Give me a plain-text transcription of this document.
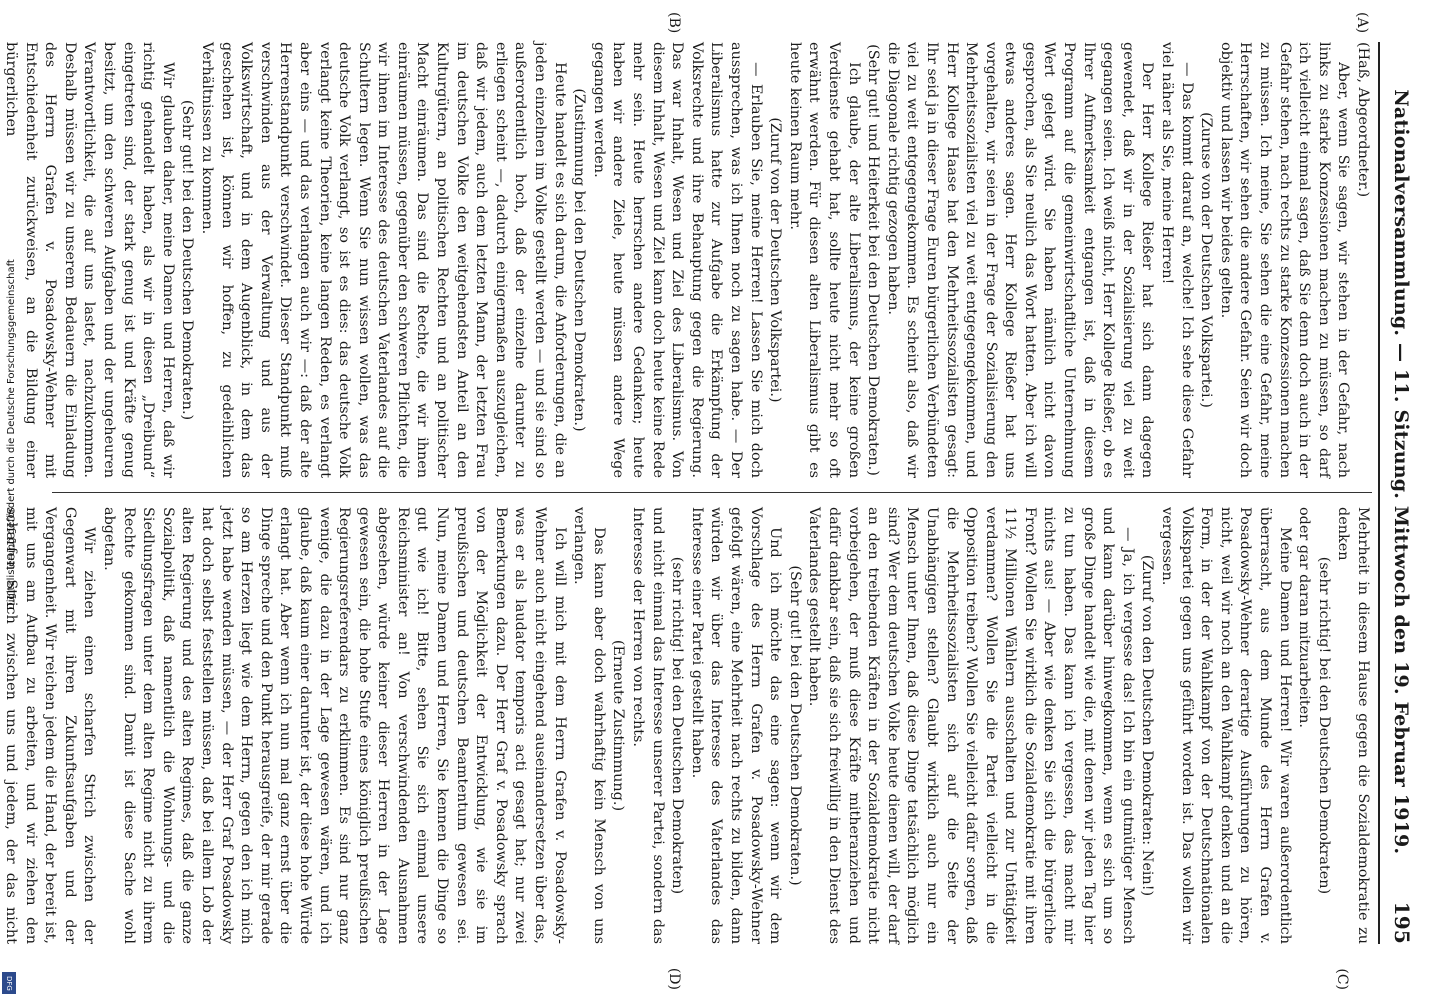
Nationalversammlung. — 11. Sitzung. Mittwoch den 19. Februar 1919.
195
(A)
(B)
(C)
(D)

(Haß, Abgeordneter.)

Aber, wenn Sie sagen, wir stehen in der Gefahr, nach links zu starke Konzessionen machen zu müssen, so darf ich vielleicht einmal sagen, daß Sie denn doch auch in der Gefahr stehen, nach rechts zu starke Konzessionen machen zu müssen. Ich meine, Sie sehen die eine Gefahr, meine Herrschaften, wir sehen die andere Gefahr. Seien wir doch objektiv und lassen wir beides gelten.

(Zuruse von der Deutschen Volkspartei.)

— Das kommt darauf an, welche! Ich sehe diese Gefahr viel näher als Sie, meine Herren!

Der Herr Kollege Rießer hat sich dann dagegen gewendet, daß wir in der Sozialisierung viel zu weit gegangen seien. Ich weiß nicht, Herr Kollege Rießer, ob es Ihrer Aufmerksamkeit entgangen ist, daß in diesem Programm auf die gemeinwirtschaftliche Unternehmung Wert gelegt wird. Sie haben nämlich nicht davon gesprochen, als Sie neulich das Wort hatten. Aber ich will etwas anderes sagen. Herr Kollege Rießer hat uns vorgehalten, wir seien in der Frage der Sozialisierung den Mehrheitssozialisten viel zu weit entgegengekommen, und Herr Kollege Haase hat den Mehrheitssozialisten gesagt: Ihr seid ja in dieser Frage Euren bürgerlichen Verbündeten viel zu weit entgegengekommen. Es scheint also, daß wir die Diagonale richtig gezogen haben.

(Sehr gut! und Heiterkeit bei den Deutschen Demokraten.)

Ich glaube, der alte Liberalismus, der keine großen Verdienste gehabt hat, sollte heute nicht mehr so oft erwähnt werden. Für diesen alten Liberalismus gibt es heute keinen Raum mehr.

(Zuruf von der Deutschen Volkspartei.)

— Erlauben Sie, meine Herren! Lassen Sie mich doch aussprechen, was ich Ihnen noch zu sagen habe. — Der Liberalismus hatte zur Aufgabe die Erkämpfung der Volksrechte und ihre Behauptung gegen die Regierung. Das war Inhalt, Wesen und Ziel des Liberalismus. Von diesem Inhalt, Wesen und Ziel kann doch heute keine Rede mehr sein. Heute herrschen andere Gedanken; heute haben wir andere Ziele, heute müssen andere Wege gegangen werden.

(Zustimmung bei den Deutschen Demokraten.)

Heute handelt es sich darum, die Anforderungen, die an jeden einzelnen im Volke gestellt werden — und sie sind so außerordentlich hoch, daß der einzelne darunter zu erliegen scheint —, dadurch einigermaßen auszugleichen, daß wir jedem, auch dem letzten Mann, der letzten Frau im deutschen Volke den weitgehendsten Anteil an den Kulturgütern, an politischen Rechten und an politischer Macht einräumen. Das sind die Rechte, die wir ihnen einräumen müssen, gegenüber den schweren Pflichten, die wir ihnen im Interesse des deutschen Vaterlandes auf die Schultern legen. Wenn Sie nun wissen wollen, was das deutsche Volk verlangt, so ist es dies: das deutsche Volk verlangt keine Theorien, keine langen Reden, es verlangt aber eins — und das verlangen auch wir —: daß der alte Herrenstandpunkt verschwindet. Dieser Standpunkt muß verschwinden aus der Verwaltung und aus der Volkswirtschaft, und in dem Augenblick, in dem das geschehen ist, können wir hoffen, zu gedeihlichen Verhältnissen zu kommen.

(Sehr gut! bei den Deutschen Demokraten.)

Wir glauben daher, meine Damen und Herren, daß wir richtig gehandelt haben, als wir in diesen „Dreibund“ eingetreten sind, der stark genug ist und Kräfte genug besitzt, um den schweren Aufgaben und der ungeheuren Verantwortlichkeit, die auf uns lastet, nachzukommen. Deshalb müssen wir zu unserem Bedauern die Einladung des Herrn Grafen v. Posadowsky-Wehner mit Entschiedenheit zurückweisen, an die Bildung einer bürgerlichen

Mehrheit in diesem Hause gegen die Sozialdemokratie zu denken

(sehr richtig! bei den Deutschen Demokraten)

oder gar daran mitzuarbeiten.

Meine Damen und Herren! Wir waren außerordentlich überrascht, aus dem Munde des Herrn Grafen v. Posadowsky-Wehner derartige Ausführungen zu hören, nicht, weil wir noch an den Wahlkampf denken und an die Form, in der der Wahlkampf von der Deutschnationalen Volkspartei gegen uns geführt worden ist. Das wollen wir vergessen.

(Zuruf von den Deutschen Demokraten: Nein!)

— Ja, ich vergesse das! Ich bin ein gutmütiger Mensch und kann darüber hinwegkommen, wenn es sich um so große Dinge handelt wie die, mit denen wir jeden Tag hier zu tun haben. Das kann ich vergessen, das macht mir nichts aus! — Aber wie denken Sie sich die bürgerliche Front? Wollen Sie wirklich die Sozialdemokratie mit ihren 11½ Millionen Wählern ausschalten und zur Untätigkeit verdammen? Wollen Sie die Partei vielleicht in die Opposition treiben? Wollen Sie vielleicht dafür sorgen, daß die Mehrheitssozialisten sich auf die Seite der Unabhängigen stellen? Glaubt wirklich auch nur ein Mensch unter Ihnen, daß diese Dinge tatsächlich möglich sind? Wer dem deutschen Volke heute dienen will, der darf an den treibenden Kräften in der Sozialdemokratie nicht vorbeigehen, der muß diese Kräfte mitheranziehen und dafür dankbar sein, daß sie sich freiwillig in den Dienst des Vaterlandes gestellt haben.

(Sehr gut! bei den Deutschen Demokraten.)

Und ich möchte das eine sagen: wenn wir dem Vorschlage des Herrn Grafen v. Posadowsky-Wehner gefolgt wären, eine Mehrheit nach rechts zu bilden, dann würden wir über das Interesse des Vaterlandes das Interesse einer Partei gestellt haben.

(sehr richtig! bei den Deutschen Demokraten)

und nicht einmal das Interesse unserer Partei, sondern das Interesse der Herren von rechts.

(Erneute Zustimmung.)

Das kann aber doch wahrhaftig kein Mensch von uns verlangen.

Ich will mich mit dem Herrn Grafen v. Posadowsky-Wehner auch nicht eingehend auseinandersetzen über das, was er als laudator temporis acti gesagt hat; nur zwei Bemerkungen dazu. Der Herr Graf v. Posadowsky sprach von der Möglichkeit der Entwicklung, wie sie im preußischen und deutschen Beamtentum gewesen sei. Nun, meine Damen und Herren, Sie kennen die Dinge so gut wie ich! Bitte, sehen Sie sich einmal unsere Reichsminister an! Von verschwindenden Ausnahmen abgesehen, würde keiner dieser Herren in der Lage gewesen sein, die hohe Stufe eines königlich preußischen Regierungsreferendars zu erklimmen. Es sind nur ganz wenige, die dazu in der Lage gewesen wären, und ich glaube, daß kaum einer darunter ist, der diese hohe Würde erlangt hat. Aber wenn ich nun mal ganz ernst über die Dinge spreche und den Punkt herausgreife, der mir gerade so am Herzen liegt wie dem Herrn, gegen den ich mich jetzt habe wenden müssen, — der Herr Graf Posadowsky hat doch selbst feststellen müssen, daß bei allem Lob der alten Regierung und des alten Regimes, daß die ganze Sozialpolitik, daß namentlich die Wohnungs- und die Siedlungsfragen unter dem alten Regime nicht zu ihrem Rechte gekommen sind. Damit ist diese Sache wohl abgetan.

Wir ziehen einen scharfen Strich zwischen der Gegenwart mit ihren Zukunftsaufgaben und der Vergangenheit. Wir reichen jedem die Hand, der bereit ist, mit uns am Aufbau zu arbeiten, und wir ziehen den scharfen Strich zwischen uns und jedem, der das nicht

Digitalisierung gefördert durch die Deutsche Forschungsgemeinschaft
DFG
